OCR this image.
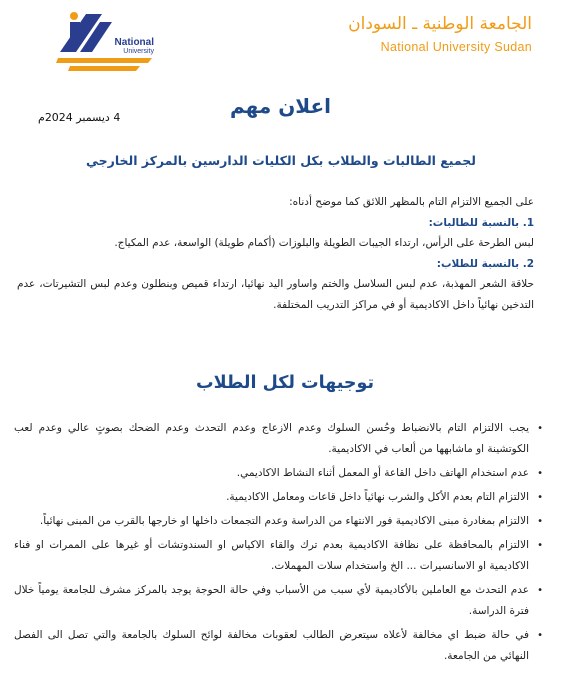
National
University
الجامعة الوطنية ـ السودان
National University Sudan
اعلان مهم
4 ديسمبر 2024م
لجميع الطالبات والطلاب بكل الكليات الدارسين بالمركز الخارجي
على الجميع الالتزام التام بالمظهر اللائق كما موضح أدناه:
1. بالنسبة للطالبات:
لبس الطرحة على الرأس، ارتداء الجيبات الطويلة والبلوزات (أكمام طويلة) الواسعة، عدم المكياج.
2. بالنسبة للطلاب:
حلاقة الشعر المهذبة، عدم لبس السلاسل والختم واساور اليد نهائيا، ارتداء قميص وبنطلون وعدم لبس التشيرتات، عدم التدخين نهائياً داخل الاكاديمية أو في مراكز التدريب المختلفة.
توجيهات لكل الطلاب
•
يجب الالتزام التام بالانضباط وحُسن السلوك وعدم الازعاج وعدم التحدث وعدم الضحك بصوتٍ عالي وعدم لعب الكوتشينة او ماشابهها من ألعاب في الاكاديمية.
•
عدم استخدام الهاتف داخل القاعة أو المعمل أثناء النشاط الاكاديمي.
•
الالتزام التام بعدم الأكل والشرب نهائياً داخل قاعات ومعامل الاكاديمية.
•
الالتزام بمغادرة مبنى الاكاديمية فور الانتهاء من الدراسة وعدم التجمعات داخلها او خارجها بالقرب من المبنى نهائياً.
•
الالتزام بالمحافظة على نظافة الاكاديمية بعدم ترك والقاء الاكياس او السندوتشات أو غيرها على الممرات او فناء الاكاديمية او الاسانسيرات ... الخ واستخدام سلات المهملات.
•
عدم التحدث مع العاملين بالأكاديمية لأي سبب من الأسباب وفي حالة الحوجة يوجد بالمركز مشرف للجامعة يومياً خلال فترة الدراسة.
•
في حالة ضبط اي مخالفة لأعلاه سيتعرض الطالب لعقوبات مخالفة لوائح السلوك بالجامعة والتي تصل الى الفصل النهائي من الجامعة.
